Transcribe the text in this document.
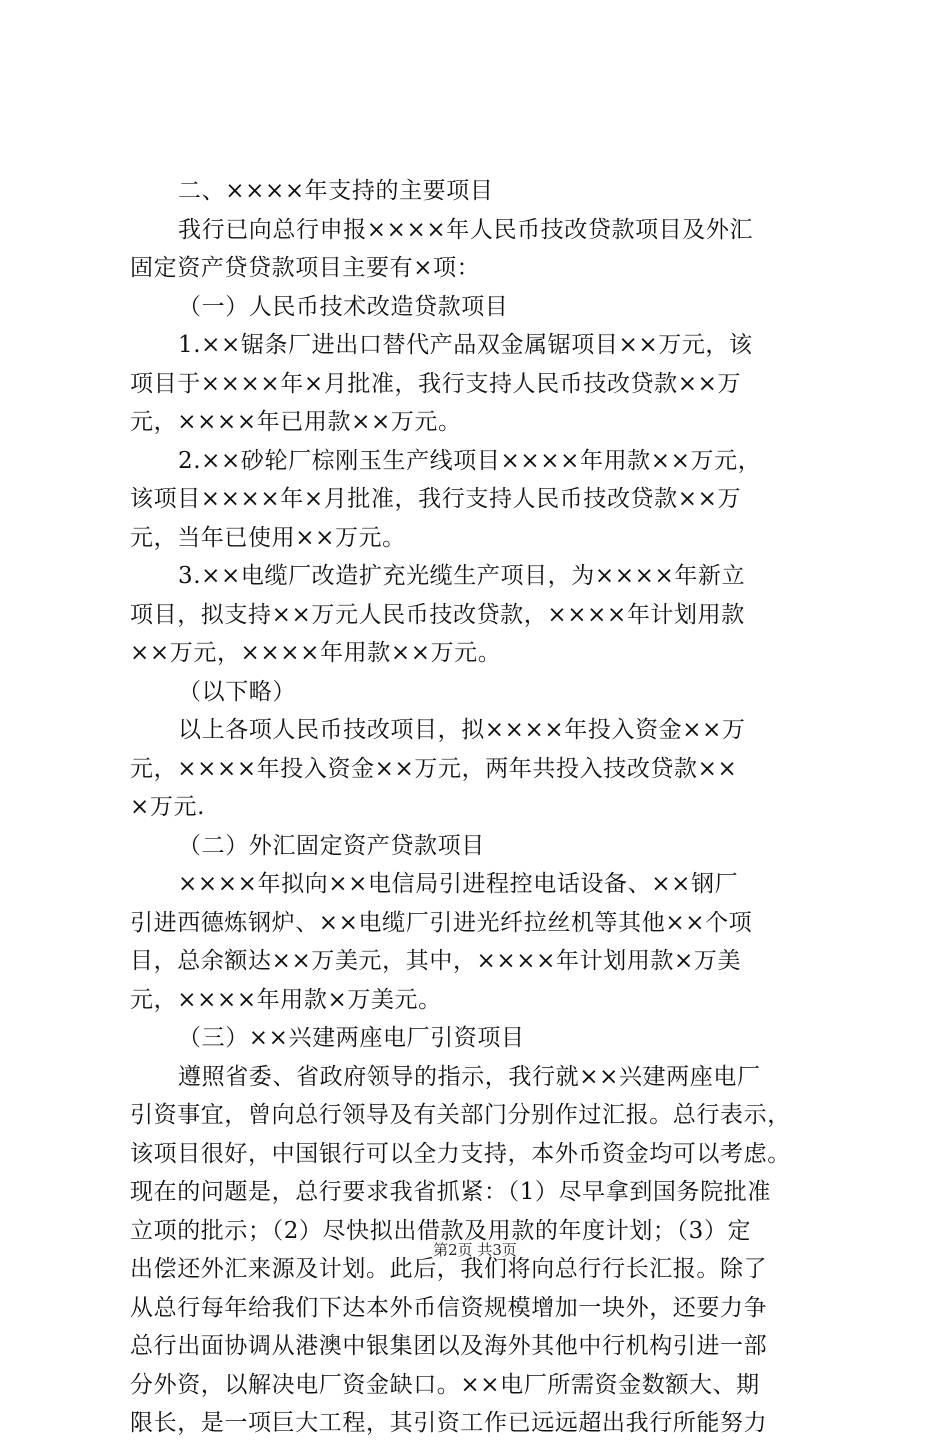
二、××××年支持的主要项目
我行已向总行申报××××年人民币技改贷款项目及外汇
固定资产贷贷款项目主要有×项：
（一）人民币技术改造贷款项目
1.××锯条厂进出口替代产品双金属锯项目××万元，该
项目于××××年×月批准，我行支持人民币技改贷款××万
元，××××年已用款××万元。
2.××砂轮厂棕刚玉生产线项目××××年用款××万元，
该项目××××年×月批准，我行支持人民币技改贷款××万
元，当年已使用××万元。
3.××电缆厂改造扩充光缆生产项目，为××××年新立
项目，拟支持××万元人民币技改贷款，××××年计划用款
××万元，××××年用款××万元。
（以下略）
以上各项人民币技改项目，拟××××年投入资金××万
元，××××年投入资金××万元，两年共投入技改贷款××
×万元.
（二）外汇固定资产贷款项目
××××年拟向××电信局引进程控电话设备、××钢厂
引进西德炼钢炉、××电缆厂引进光纤拉丝机等其他××个项
目，总余额达××万美元，其中，××××年计划用款×万美
元，××××年用款×万美元。
（三）××兴建两座电厂引资项目
遵照省委、省政府领导的指示，我行就××兴建两座电厂
引资事宜，曾向总行领导及有关部门分别作过汇报。总行表示，
该项目很好，中国银行可以全力支持，本外币资金均可以考虑。
现在的问题是，总行要求我省抓紧：（1）尽早拿到国务院批准
立项的批示；（2）尽快拟出借款及用款的年度计划；（3）定
出偿还外汇来源及计划。此后，我们将向总行行长汇报。除了
从总行每年给我们下达本外币信资规模增加一块外，还要力争
总行出面协调从港澳中银集团以及海外其他中行机构引进一部
分外资，以解决电厂资金缺口。××电厂所需资金数额大、期
限长，是一项巨大工程，其引资工作已远远超出我行所能努力
第2页 共3页
